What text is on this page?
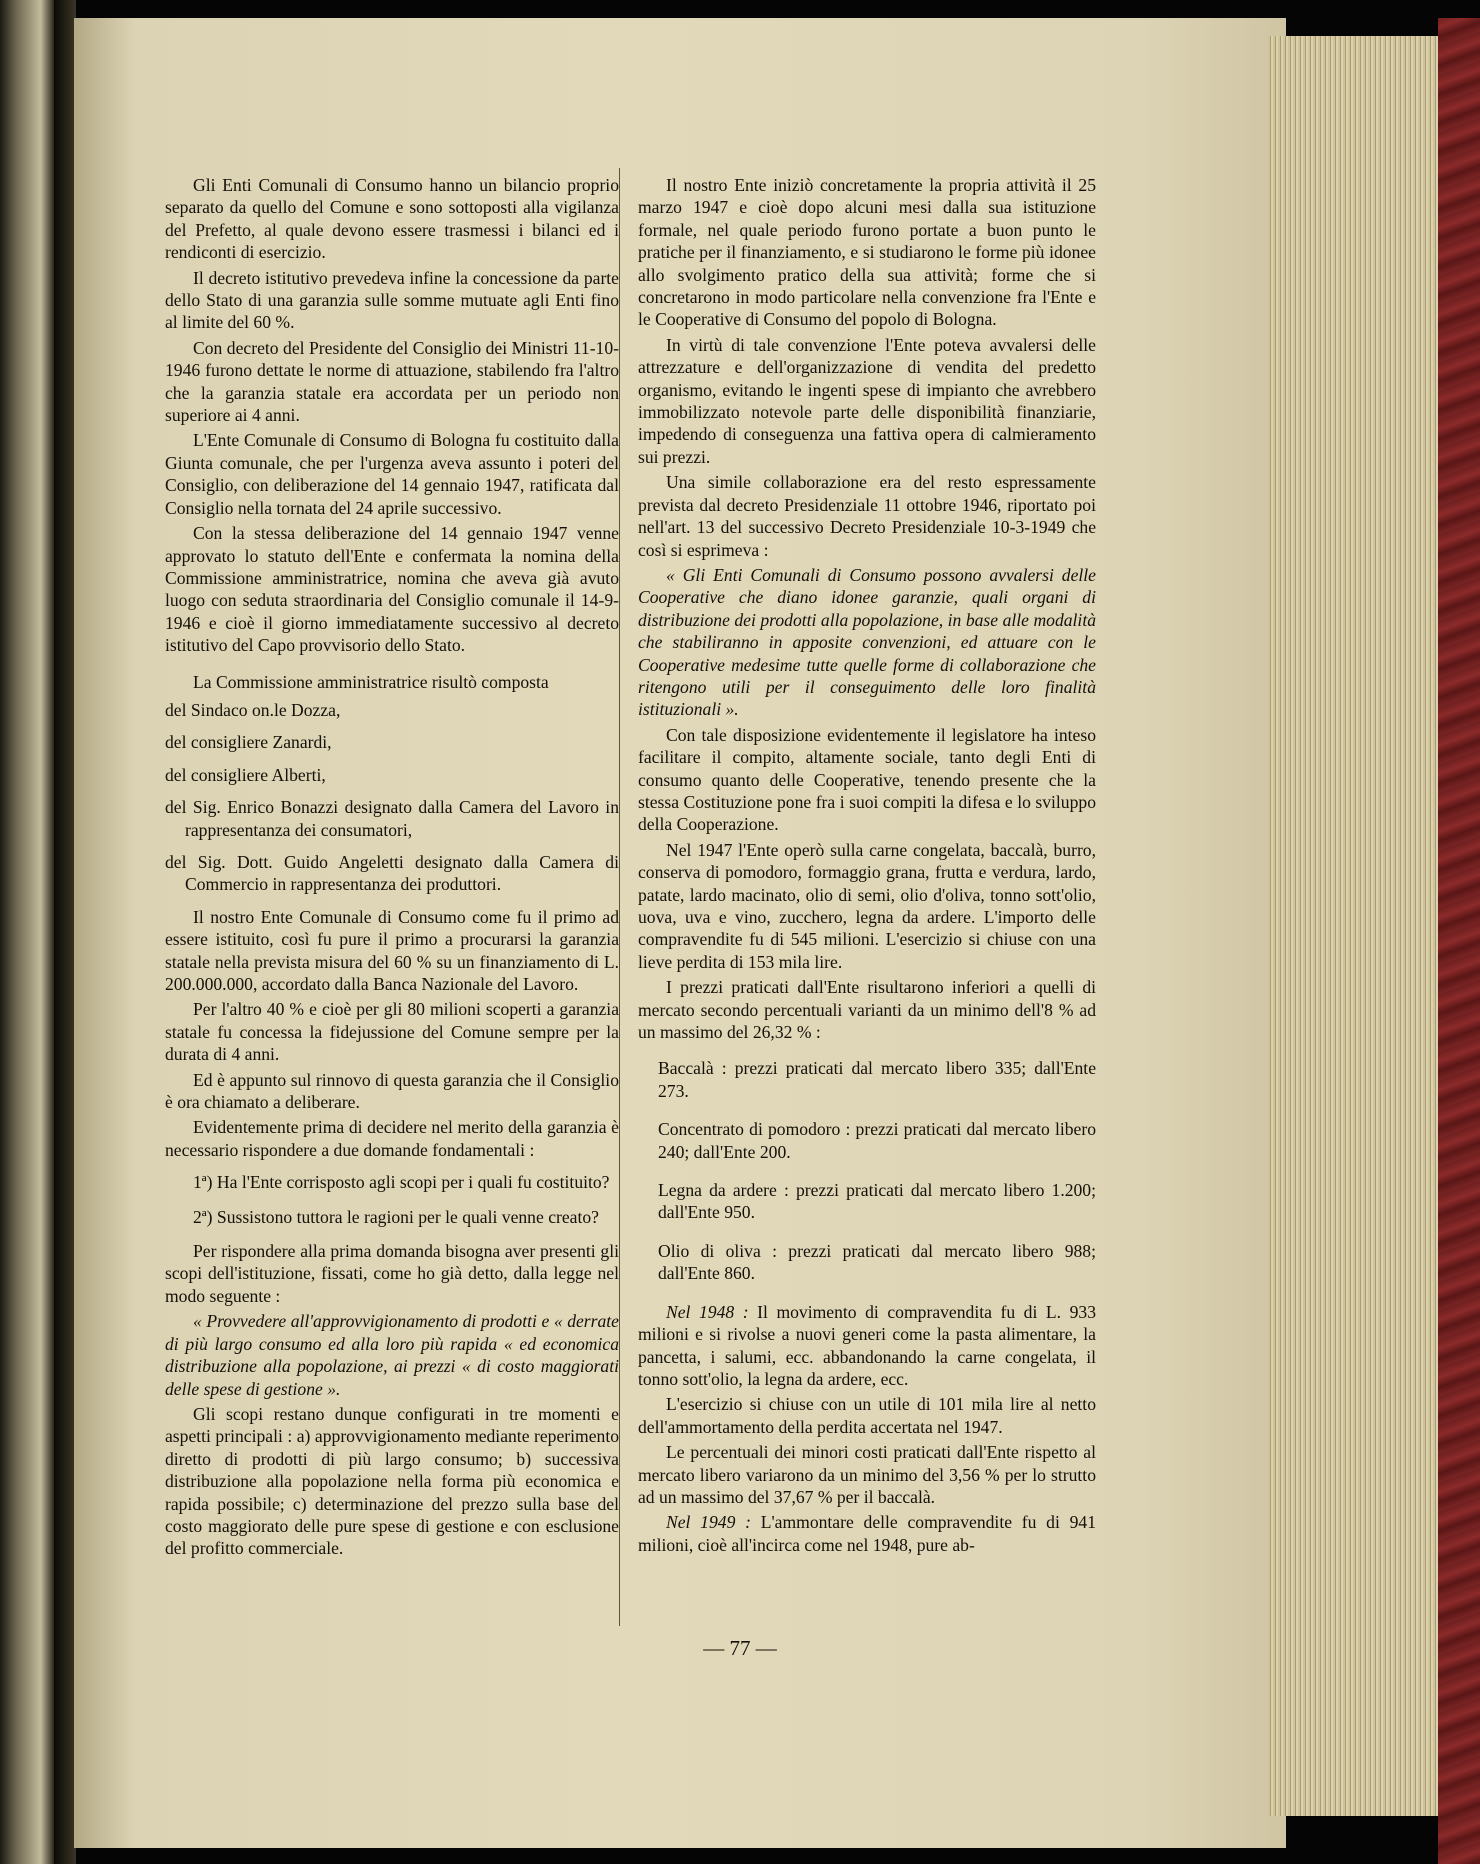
Gli Enti Comunali di Consumo hanno un bilancio proprio separato da quello del Comune e sono sottoposti alla vigilanza del Prefetto, al quale devono essere trasmessi i bilanci ed i rendiconti di esercizio.

Il decreto istitutivo prevedeva infine la concessione da parte dello Stato di una garanzia sulle somme mutuate agli Enti fino al limite del 60 %.

Con decreto del Presidente del Consiglio dei Ministri 11-10-1946 furono dettate le norme di attuazione, stabilendo fra l'altro che la garanzia statale era accordata per un periodo non superiore ai 4 anni.

L'Ente Comunale di Consumo di Bologna fu costituito dalla Giunta comunale, che per l'urgenza aveva assunto i poteri del Consiglio, con deliberazione del 14 gennaio 1947, ratificata dal Consiglio nella tornata del 24 aprile successivo.

Con la stessa deliberazione del 14 gennaio 1947 venne approvato lo statuto dell'Ente e confermata la nomina della Commissione amministratrice, nomina che aveva già avuto luogo con seduta straordinaria del Consiglio comunale il 14-9-1946 e cioè il giorno immediatamente successivo al decreto istitutivo del Capo provvisorio dello Stato.

La Commissione amministratrice risultò composta

del Sindaco on.le Dozza,
del consigliere Zanardi,
del consigliere Alberti,
del Sig. Enrico Bonazzi designato dalla Camera del Lavoro in rappresentanza dei consumatori,
del Sig. Dott. Guido Angeletti designato dalla Camera di Commercio in rappresentanza dei produttori.

Il nostro Ente Comunale di Consumo come fu il primo ad essere istituito, così fu pure il primo a procurarsi la garanzia statale nella prevista misura del 60 % su un finanziamento di L. 200.000.000, accordato dalla Banca Nazionale del Lavoro.

Per l'altro 40 % e cioè per gli 80 milioni scoperti a garanzia statale fu concessa la fidejussione del Comune sempre per la durata di 4 anni.

Ed è appunto sul rinnovo di questa garanzia che il Consiglio è ora chiamato a deliberare.

Evidentemente prima di decidere nel merito della garanzia è necessario rispondere a due domande fondamentali :

1ª) Ha l'Ente corrisposto agli scopi per i quali fu costituito?

2ª) Sussistono tuttora le ragioni per le quali venne creato?

Per rispondere alla prima domanda bisogna aver presenti gli scopi dell'istituzione, fissati, come ho già detto, dalla legge nel modo seguente :

« Provvedere all'approvvigionamento di prodotti e « derrate di più largo consumo ed alla loro più rapida « ed economica distribuzione alla popolazione, ai prezzi « di costo maggiorati delle spese di gestione ».

Gli scopi restano dunque configurati in tre momenti e aspetti principali : a) approvvigionamento mediante reperimento diretto di prodotti di più largo consumo; b) successiva distribuzione alla popolazione nella forma più economica e rapida possibile; c) determinazione del prezzo sulla base del costo maggiorato delle pure spese di gestione e con esclusione del profitto commerciale.

Il nostro Ente iniziò concretamente la propria attività il 25 marzo 1947 e cioè dopo alcuni mesi dalla sua istituzione formale, nel quale periodo furono portate a buon punto le pratiche per il finanziamento, e si studiarono le forme più idonee allo svolgimento pratico della sua attività; forme che si concretarono in modo particolare nella convenzione fra l'Ente e le Cooperative di Consumo del popolo di Bologna.

In virtù di tale convenzione l'Ente poteva avvalersi delle attrezzature e dell'organizzazione di vendita del predetto organismo, evitando le ingenti spese di impianto che avrebbero immobilizzato notevole parte delle disponibilità finanziarie, impedendo di conseguenza una fattiva opera di calmieramento sui prezzi.

Una simile collaborazione era del resto espressamente prevista dal decreto Presidenziale 11 ottobre 1946, riportato poi nell'art. 13 del successivo Decreto Presidenziale 10-3-1949 che così si esprimeva :

« Gli Enti Comunali di Consumo possono avvalersi delle Cooperative che diano idonee garanzie, quali organi di distribuzione dei prodotti alla popolazione, in base alle modalità che stabiliranno in apposite convenzioni, ed attuare con le Cooperative medesime tutte quelle forme di collaborazione che ritengono utili per il conseguimento delle loro finalità istituzionali ».

Con tale disposizione evidentemente il legislatore ha inteso facilitare il compito, altamente sociale, tanto degli Enti di consumo quanto delle Cooperative, tenendo presente che la stessa Costituzione pone fra i suoi compiti la difesa e lo sviluppo della Cooperazione.

Nel 1947 l'Ente operò sulla carne congelata, baccalà, burro, conserva di pomodoro, formaggio grana, frutta e verdura, lardo, patate, lardo macinato, olio di semi, olio d'oliva, tonno sott'olio, uova, uva e vino, zucchero, legna da ardere. L'importo delle compravendite fu di 545 milioni. L'esercizio si chiuse con una lieve perdita di 153 mila lire.

I prezzi praticati dall'Ente risultarono inferiori a quelli di mercato secondo percentuali varianti da un minimo dell'8 % ad un massimo del 26,32 % :

Baccalà : prezzi praticati dal mercato libero 335; dall'Ente 273.

Concentrato di pomodoro : prezzi praticati dal mercato libero 240; dall'Ente 200.

Legna da ardere : prezzi praticati dal mercato libero 1.200; dall'Ente 950.

Olio di oliva : prezzi praticati dal mercato libero 988; dall'Ente 860.

Nel 1948 : Il movimento di compravendita fu di L. 933 milioni e si rivolse a nuovi generi come la pasta alimentare, la pancetta, i salumi, ecc. abbandonando la carne congelata, il tonno sott'olio, la legna da ardere, ecc.

L'esercizio si chiuse con un utile di 101 mila lire al netto dell'ammortamento della perdita accertata nel 1947.

Le percentuali dei minori costi praticati dall'Ente rispetto al mercato libero variarono da un minimo del 3,56 % per lo strutto ad un massimo del 37,67 % per il baccalà.

Nel 1949 : L'ammontare delle compravendite fu di 941 milioni, cioè all'incirca come nel 1948, pure ab-

— 77 —
